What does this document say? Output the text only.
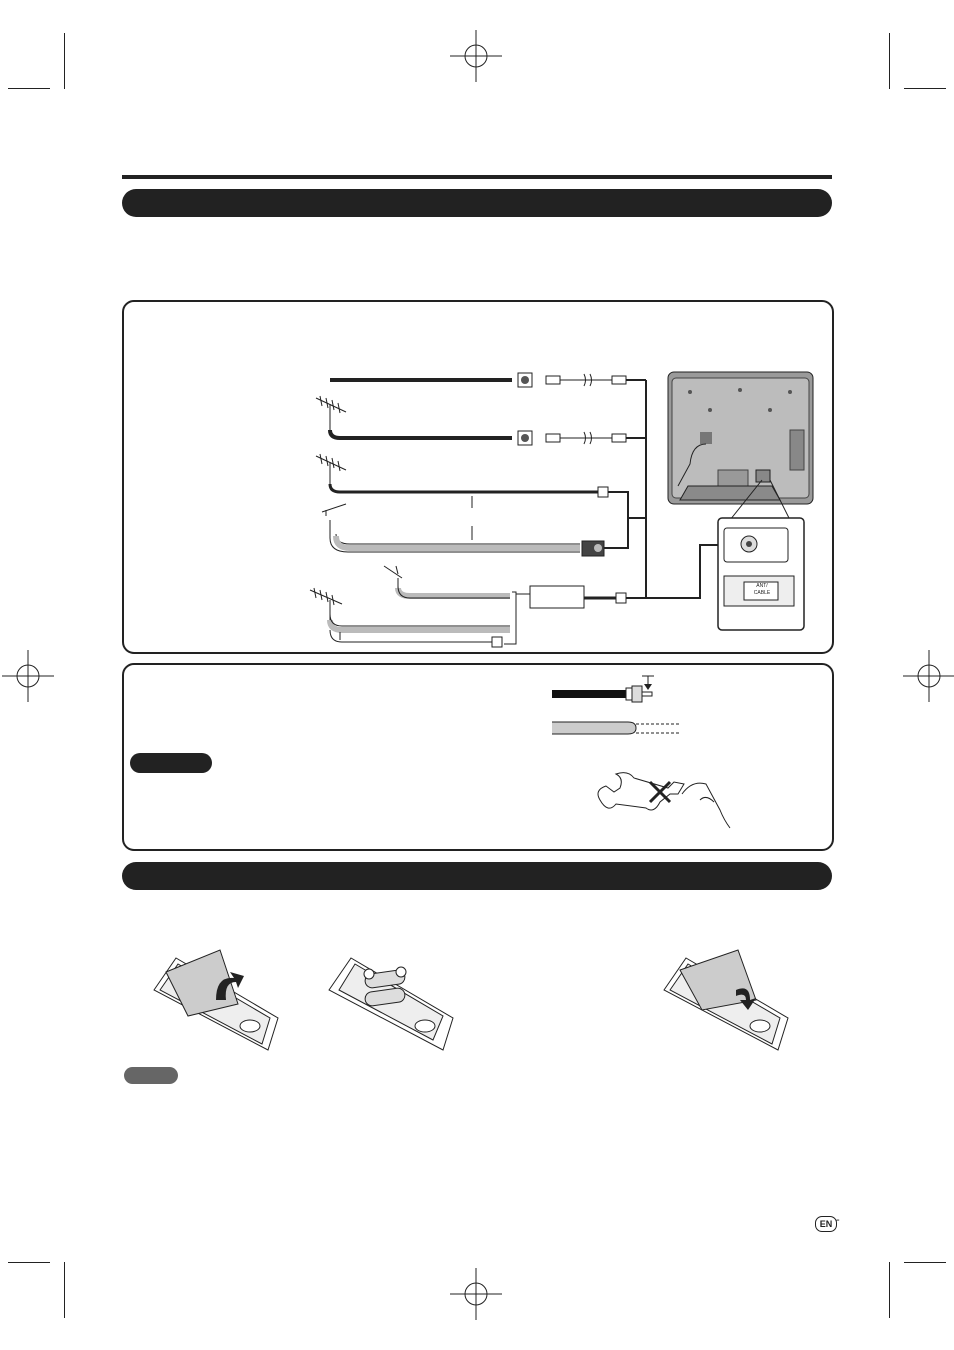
ANT/
CABLE
EN -
